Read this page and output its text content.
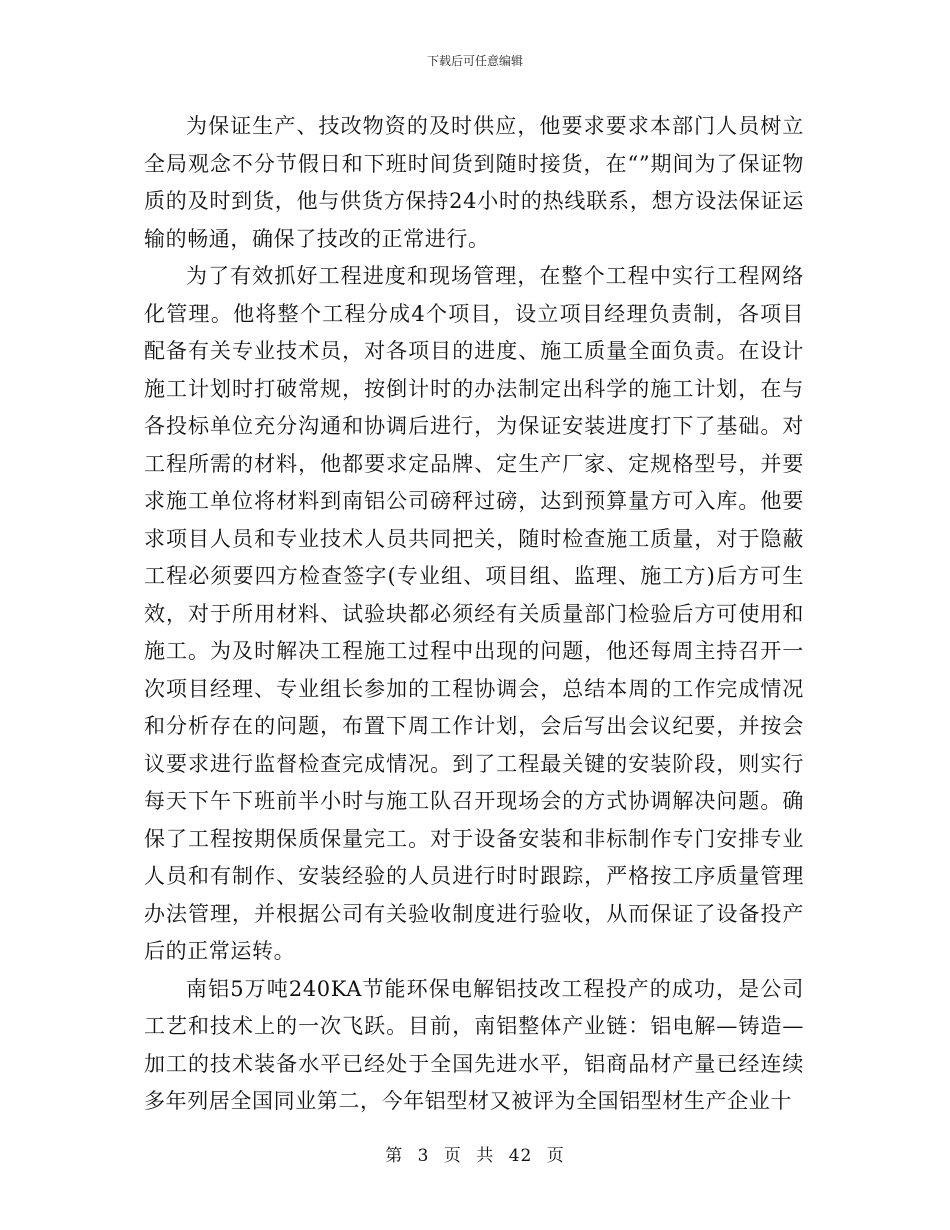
下载后可任意编辑

为保证生产、技改物资的及时供应，他要求要求本部门人员树立全局观念不分节假日和下班时间货到随时接货，在“”期间为了保证物质的及时到货，他与供货方保持24小时的热线联系，想方设法保证运输的畅通，确保了技改的正常进行。

为了有效抓好工程进度和现场管理，在整个工程中实行工程网络化管理。他将整个工程分成4个项目，设立项目经理负责制，各项目配备有关专业技术员，对各项目的进度、施工质量全面负责。在设计施工计划时打破常规，按倒计时的办法制定出科学的施工计划，在与各投标单位充分沟通和协调后进行，为保证安装进度打下了基础。对工程所需的材料，他都要求定品牌、定生产厂家、定规格型号，并要求施工单位将材料到南铝公司磅秤过磅，达到预算量方可入库。他要求项目人员和专业技术人员共同把关，随时检查施工质量，对于隐蔽工程必须要四方检查签字(专业组、项目组、监理、施工方)后方可生效，对于所用材料、试验块都必须经有关质量部门检验后方可使用和施工。为及时解决工程施工过程中出现的问题，他还每周主持召开一次项目经理、专业组长参加的工程协调会，总结本周的工作完成情况和分析存在的问题，布置下周工作计划，会后写出会议纪要，并按会议要求进行监督检查完成情况。到了工程最关键的安装阶段，则实行每天下午下班前半小时与施工队召开现场会的方式协调解决问题。确保了工程按期保质保量完工。对于设备安装和非标制作专门安排专业人员和有制作、安装经验的人员进行时时跟踪，严格按工序质量管理办法管理，并根据公司有关验收制度进行验收，从而保证了设备投产后的正常运转。

南铝5万吨240KA节能环保电解铝技改工程投产的成功，是公司工艺和技术上的一次飞跃。目前，南铝整体产业链：铝电解—铸造—加工的技术装备水平已经处于全国先进水平，铝商品材产量已经连续多年列居全国同业第二，今年铝型材又被评为全国铝型材生产企业十

第 3 页 共 42 页
